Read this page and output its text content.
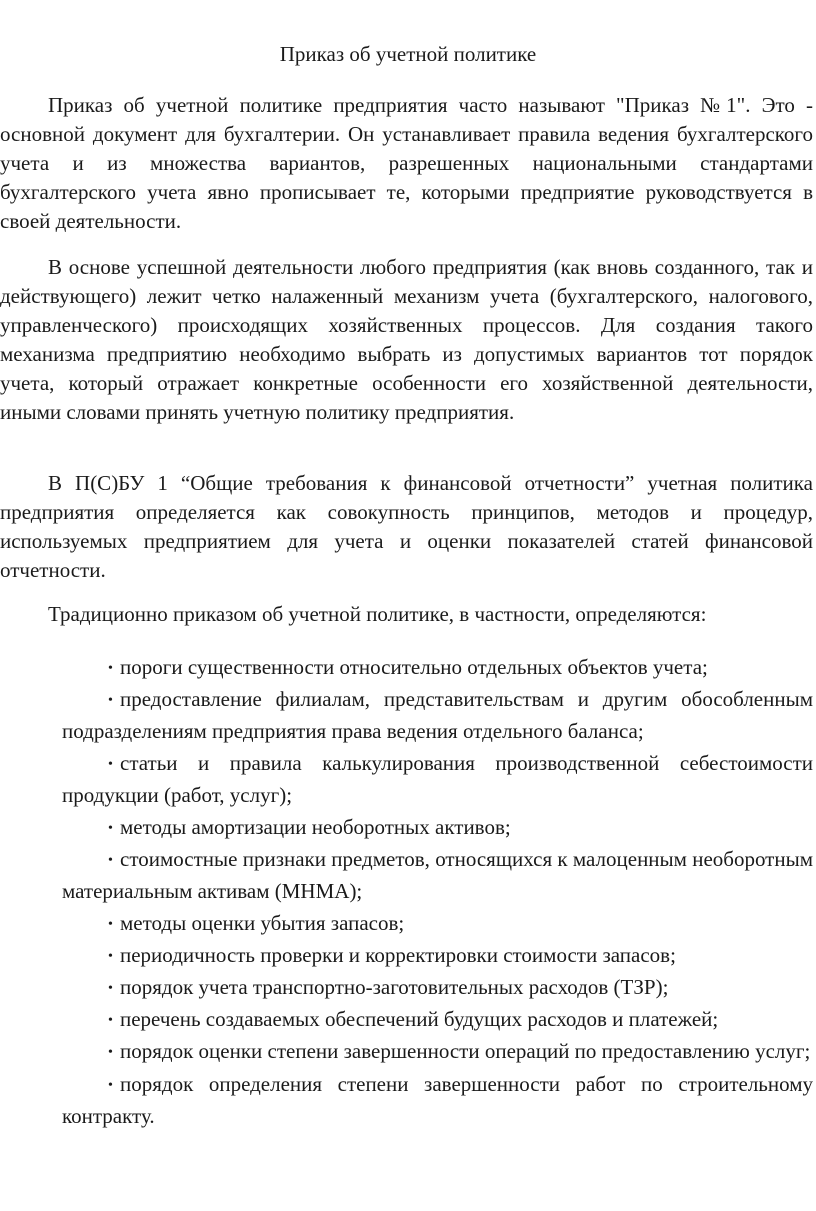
Приказ об учетной политике

Приказ об учетной политике предприятия часто называют "Приказ №1". Это - основной документ для бухгалтерии. Он устанавливает правила ведения бухгалтерского учета и из множества вариантов, разрешенных национальными стандартами бухгалтерского учета явно прописывает те, которыми предприятие руководствуется в своей деятельности.

В основе успешной деятельности любого предприятия (как вновь созданного, так и действующего) лежит четко налаженный механизм учета (бухгалтерского, налогового, управленческого) происходящих хозяйственных процессов. Для создания такого механизма предприятию необходимо выбрать из допустимых вариантов тот порядок учета, который отражает конкретные особенности его хозяйственной деятельности, иными словами принять учетную политику предприятия.

В П(С)БУ 1 “Общие требования к финансовой отчетности” учетная политика предприятия определяется как совокупность принципов, методов и процедур, используемых предприятием для учета и оценки показателей статей финансовой отчетности.

Традиционно приказом об учетной политике, в частности, определяются:

• пороги существенности относительно отдельных объектов учета;
• предоставление филиалам, представительствам и другим обособленным подразделениям предприятия права ведения отдельного баланса;
• статьи и правила калькулирования производственной себестоимости продукции (работ, услуг);
• методы амортизации необоротных активов;
• стоимостные признаки предметов, относящихся к малоценным необоротным материальным активам (МНМА);
• методы оценки убытия запасов;
• периодичность проверки и корректировки стоимости запасов;
• порядок учета транспортно-заготовительных расходов (ТЗР);
• перечень создаваемых обеспечений будущих расходов и платежей;
• порядок оценки степени завершенности операций по предоставлению услуг;
• порядок определения степени завершенности работ по строительному контракту.
